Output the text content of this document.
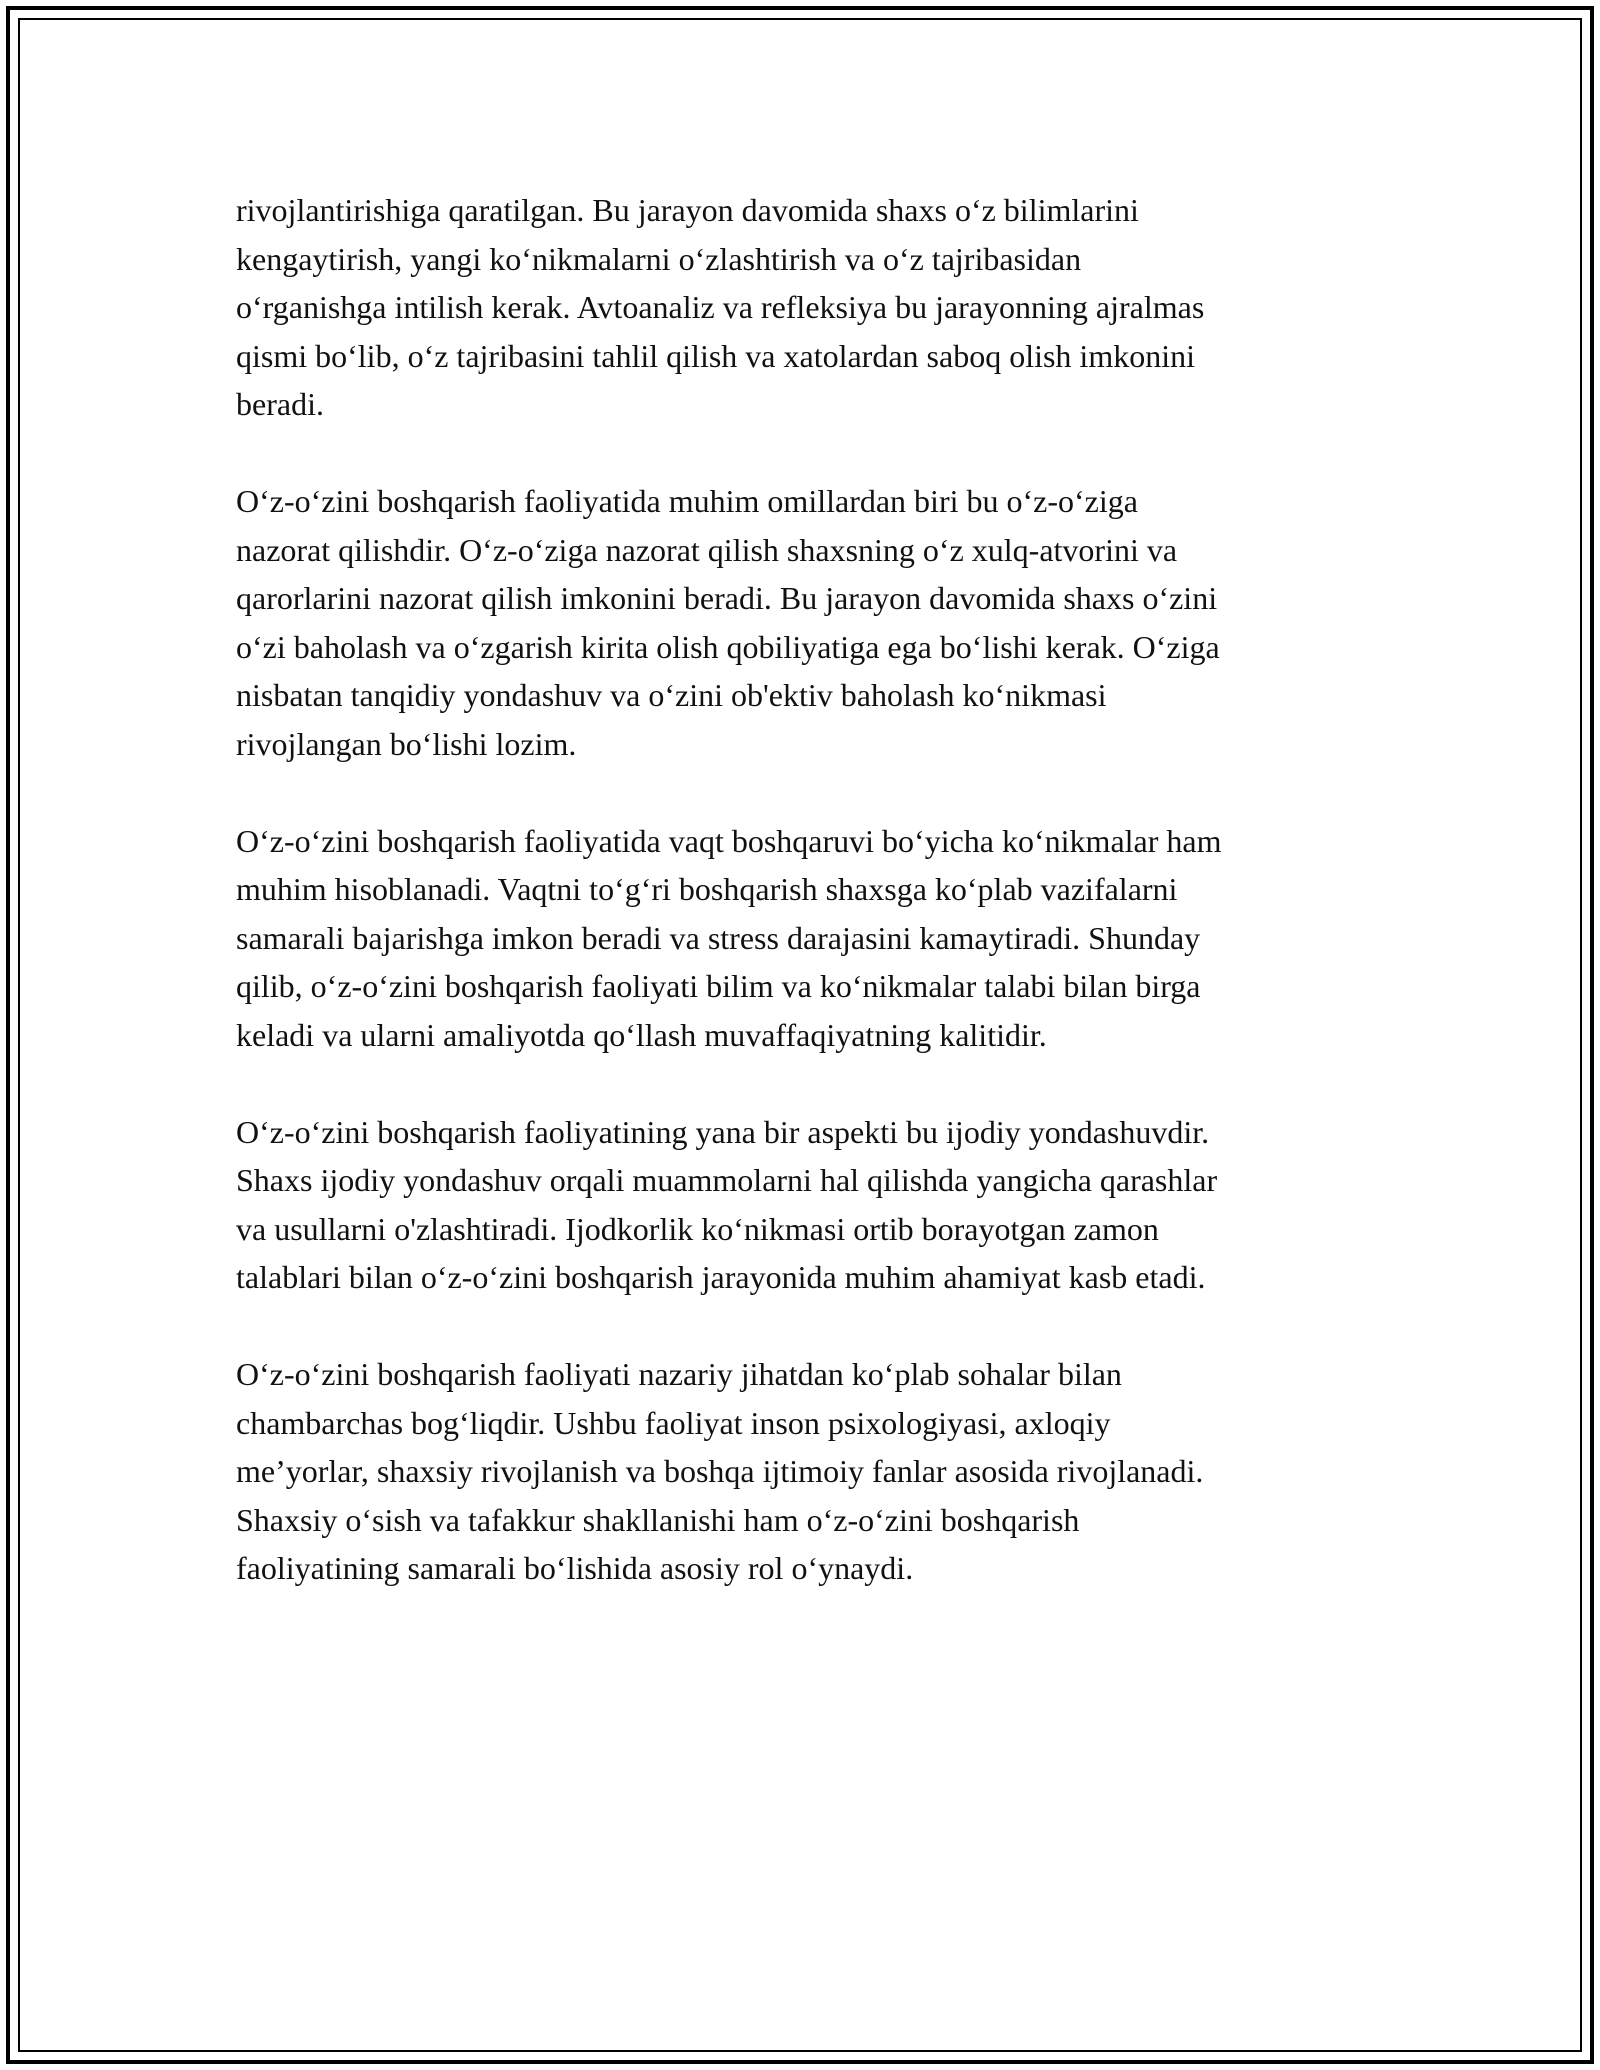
rivojlantirishiga qaratilgan. Bu jarayon davomida shaxs o‘z bilimlarini
kengaytirish, yangi ko‘nikmalarni o‘zlashtirish va o‘z tajribasidan
o‘rganishga intilish kerak. Avtoanaliz va refleksiya bu jarayonning ajralmas
qismi bo‘lib, o‘z tajribasini tahlil qilish va xatolardan saboq olish imkonini
beradi.

O‘z-o‘zini boshqarish faoliyatida muhim omillardan biri bu o‘z-o‘ziga
nazorat qilishdir. O‘z-o‘ziga nazorat qilish shaxsning o‘z xulq-atvorini va
qarorlarini nazorat qilish imkonini beradi. Bu jarayon davomida shaxs o‘zini
o‘zi baholash va o‘zgarish kirita olish qobiliyatiga ega bo‘lishi kerak. O‘ziga
nisbatan tanqidiy yondashuv va o‘zini ob'ektiv baholash ko‘nikmasi
rivojlangan bo‘lishi lozim.

O‘z-o‘zini boshqarish faoliyatida vaqt boshqaruvi bo‘yicha ko‘nikmalar ham
muhim hisoblanadi. Vaqtni to‘g‘ri boshqarish shaxsga ko‘plab vazifalarni
samarali bajarishga imkon beradi va stress darajasini kamaytiradi. Shunday
qilib, o‘z-o‘zini boshqarish faoliyati bilim va ko‘nikmalar talabi bilan birga
keladi va ularni amaliyotda qo‘llash muvaffaqiyatning kalitidir.

O‘z-o‘zini boshqarish faoliyatining yana bir aspekti bu ijodiy yondashuvdir.
Shaxs ijodiy yondashuv orqali muammolarni hal qilishda yangicha qarashlar
va usullarni o'zlashtiradi. Ijodkorlik ko‘nikmasi ortib borayotgan zamon
talablari bilan o‘z-o‘zini boshqarish jarayonida muhim ahamiyat kasb etadi.

O‘z-o‘zini boshqarish faoliyati nazariy jihatdan ko‘plab sohalar bilan
chambarchas bog‘liqdir. Ushbu faoliyat inson psixologiyasi, axloqiy
me’yorlar, shaxsiy rivojlanish va boshqa ijtimoiy fanlar asosida rivojlanadi.
Shaxsiy o‘sish va tafakkur shakllanishi ham o‘z-o‘zini boshqarish
faoliyatining samarali bo‘lishida asosiy rol o‘ynaydi.
